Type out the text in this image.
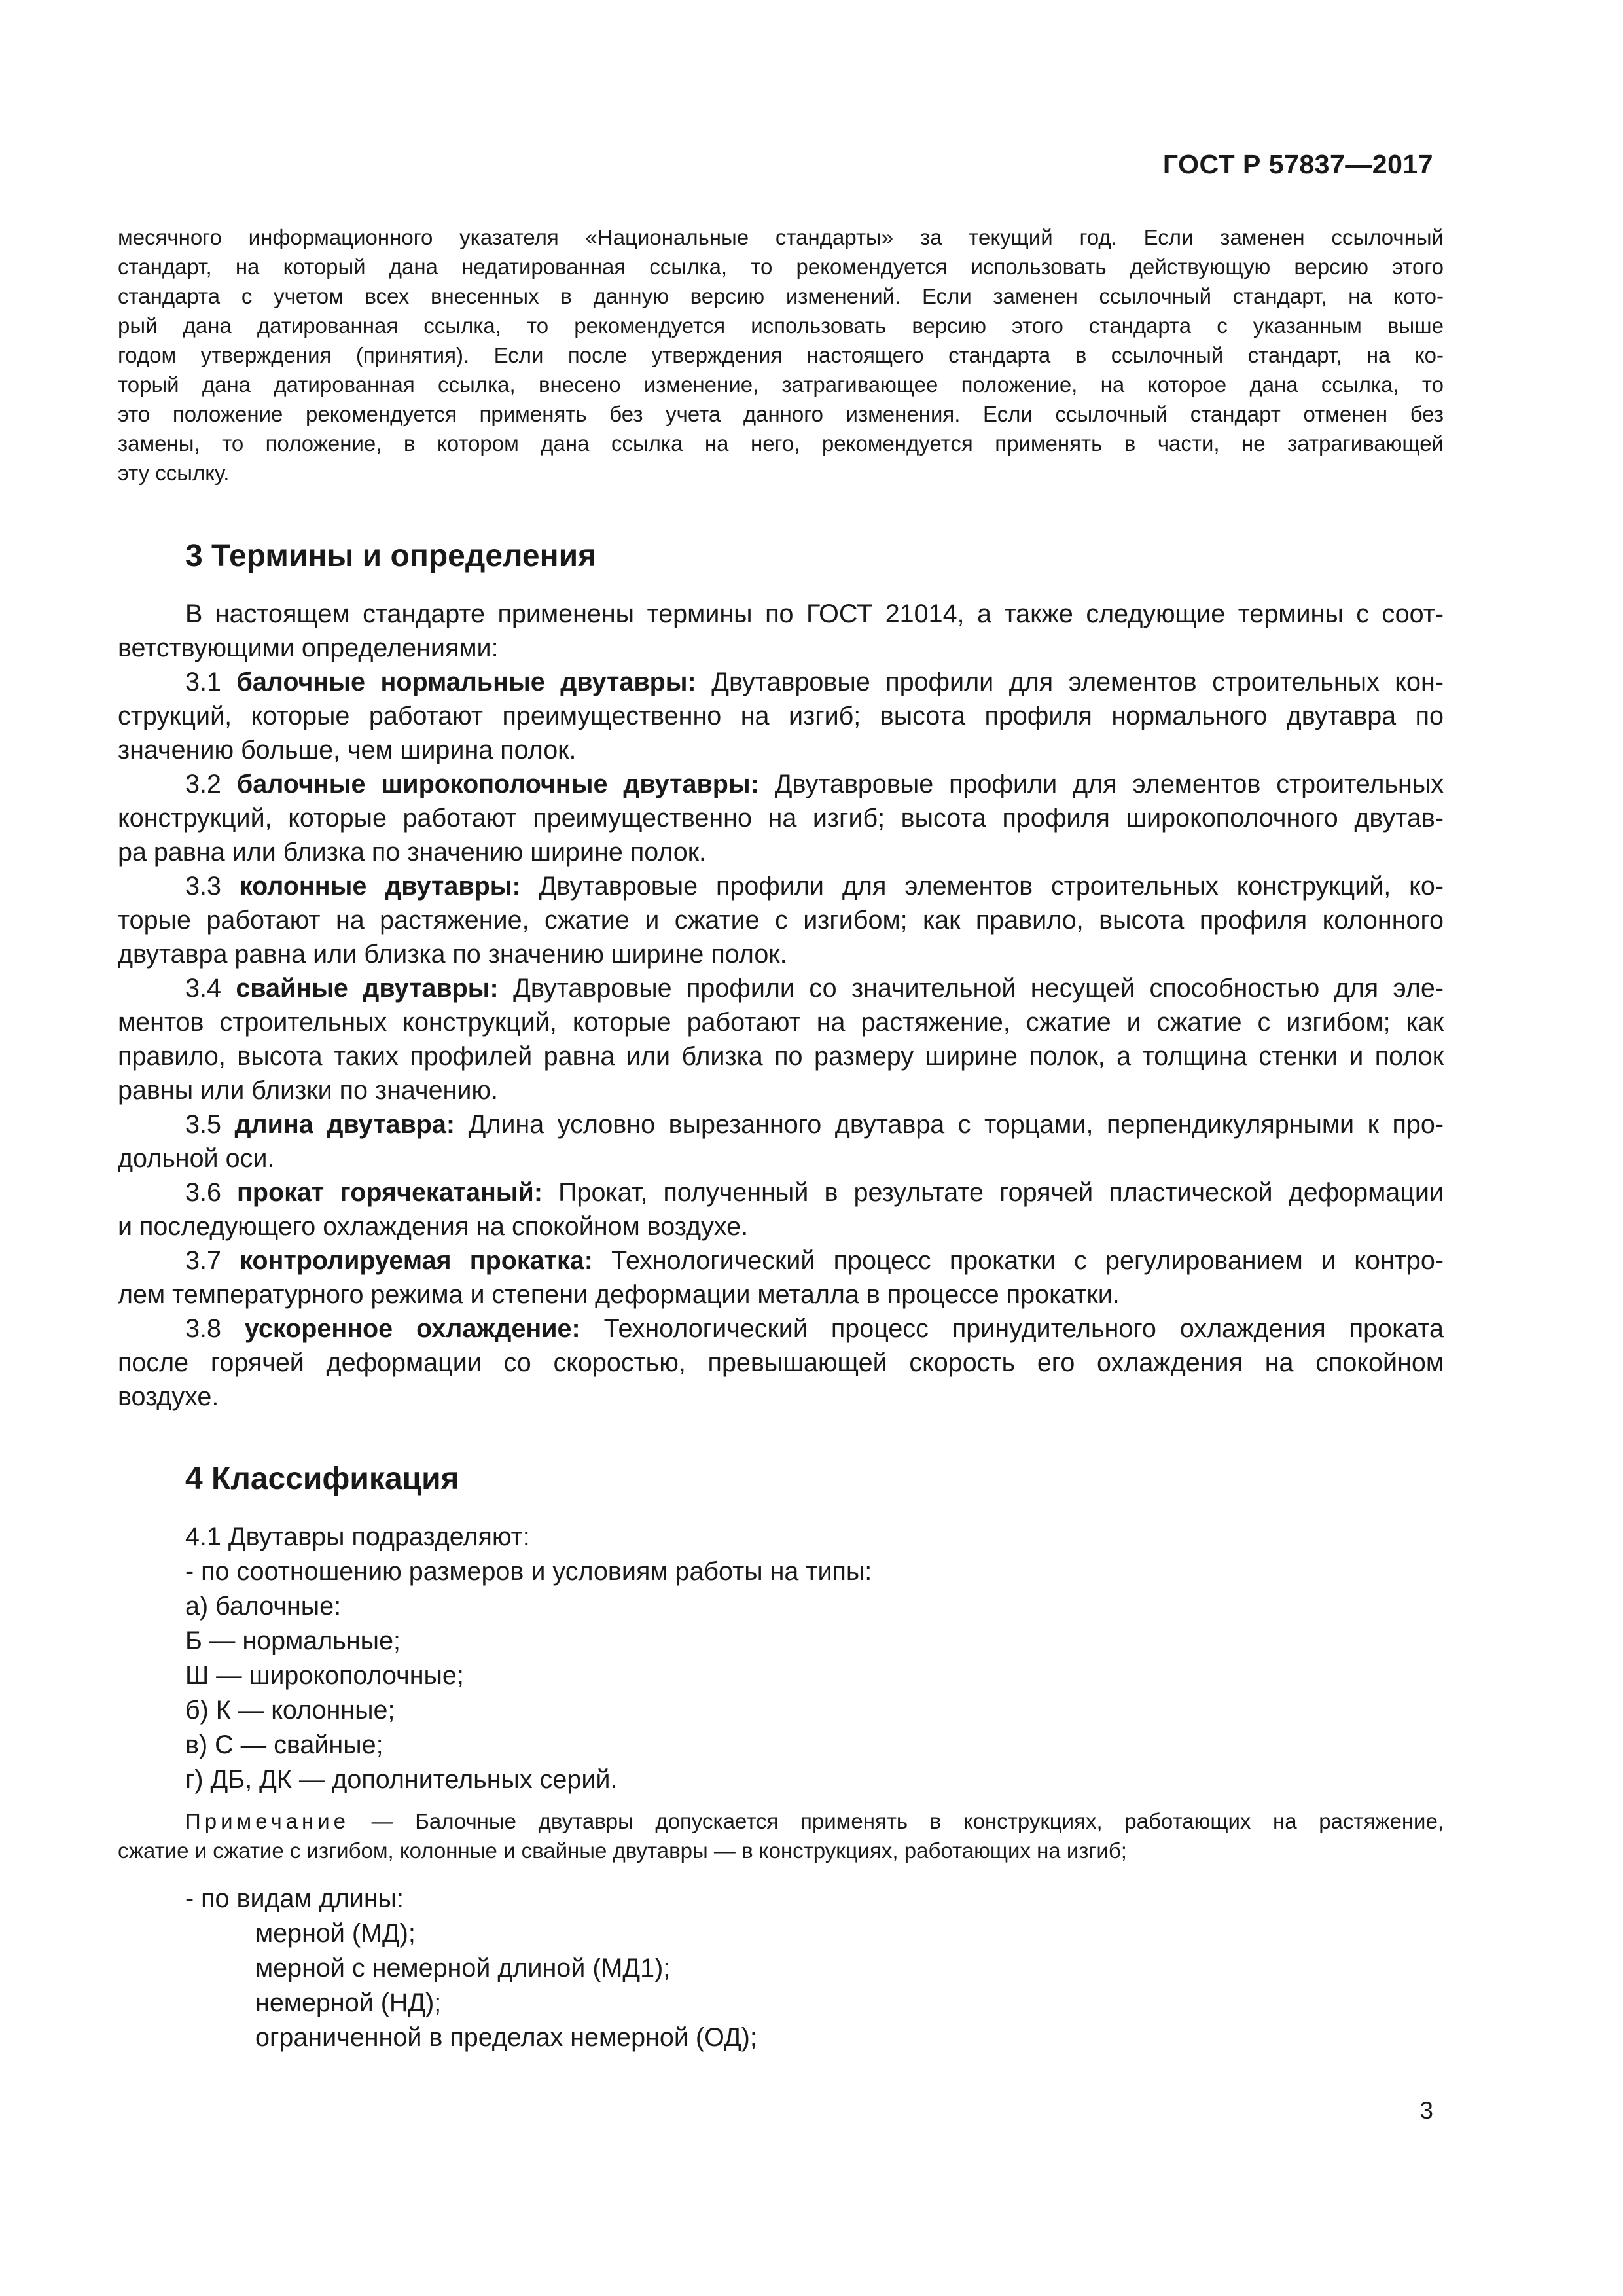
ГОСТ Р 57837—2017
месячного информационного указателя «Национальные стандарты» за текущий год. Если заменен ссылочный
стандарт, на который дана недатированная ссылка, то рекомендуется использовать действующую версию этого
стандарта с учетом всех внесенных в данную версию изменений. Если заменен ссылочный стандарт, на кото-
рый дана датированная ссылка, то рекомендуется использовать версию этого стандарта с указанным выше
годом утверждения (принятия). Если после утверждения настоящего стандарта в ссылочный стандарт, на ко-
торый дана датированная ссылка, внесено изменение, затрагивающее положение, на которое дана ссылка, то
это положение рекомендуется применять без учета данного изменения. Если ссылочный стандарт отменен без
замены, то положение, в котором дана ссылка на него, рекомендуется применять в части, не затрагивающей
эту ссылку.
3 Термины и определения
В настоящем стандарте применены термины по ГОСТ 21014, а также следующие термины с соот-
ветствующими определениями:
3.1 балочные нормальные двутавры: Двутавровые профили для элементов строительных кон-
струкций, которые работают преимущественно на изгиб; высота профиля нормального двутавра по
значению больше, чем ширина полок.
3.2 балочные широкополочные двутавры: Двутавровые профили для элементов строительных
конструкций, которые работают преимущественно на изгиб; высота профиля широкополочного двутав-
ра равна или близка по значению ширине полок.
3.3 колонные двутавры: Двутавровые профили для элементов строительных конструкций, ко-
торые работают на растяжение, сжатие и сжатие с изгибом; как правило, высота профиля колонного
двутавра равна или близка по значению ширине полок.
3.4 свайные двутавры: Двутавровые профили со значительной несущей способностью для эле-
ментов строительных конструкций, которые работают на растяжение, сжатие и сжатие с изгибом; как
правило, высота таких профилей равна или близка по размеру ширине полок, а толщина стенки и полок
равны или близки по значению.
3.5 длина двутавра: Длина условно вырезанного двутавра с торцами, перпендикулярными к про-
дольной оси.
3.6 прокат горячекатаный: Прокат, полученный в результате горячей пластической деформации
и последующего охлаждения на спокойном воздухе.
3.7 контролируемая прокатка: Технологический процесс прокатки с регулированием и контро-
лем температурного режима и степени деформации металла в процессе прокатки.
3.8 ускоренное охлаждение: Технологический процесс принудительного охлаждения проката
после горячей деформации со скоростью, превышающей скорость его охлаждения на спокойном
воздухе.
4 Классификация
4.1 Двутавры подразделяют:
- по соотношению размеров и условиям работы на типы:
а) балочные:
Б — нормальные;
Ш — широкополочные;
б) К — колонные;
в) С — свайные;
г) ДБ, ДК — дополнительных серий.
Примечание — Балочные двутавры допускается применять в конструкциях, работающих на растяжение,
сжатие и сжатие с изгибом, колонные и свайные двутавры — в конструкциях, работающих на изгиб;
- по видам длины:
мерной (МД);
мерной с немерной длиной (МД1);
немерной (НД);
ограниченной в пределах немерной (ОД);
3
